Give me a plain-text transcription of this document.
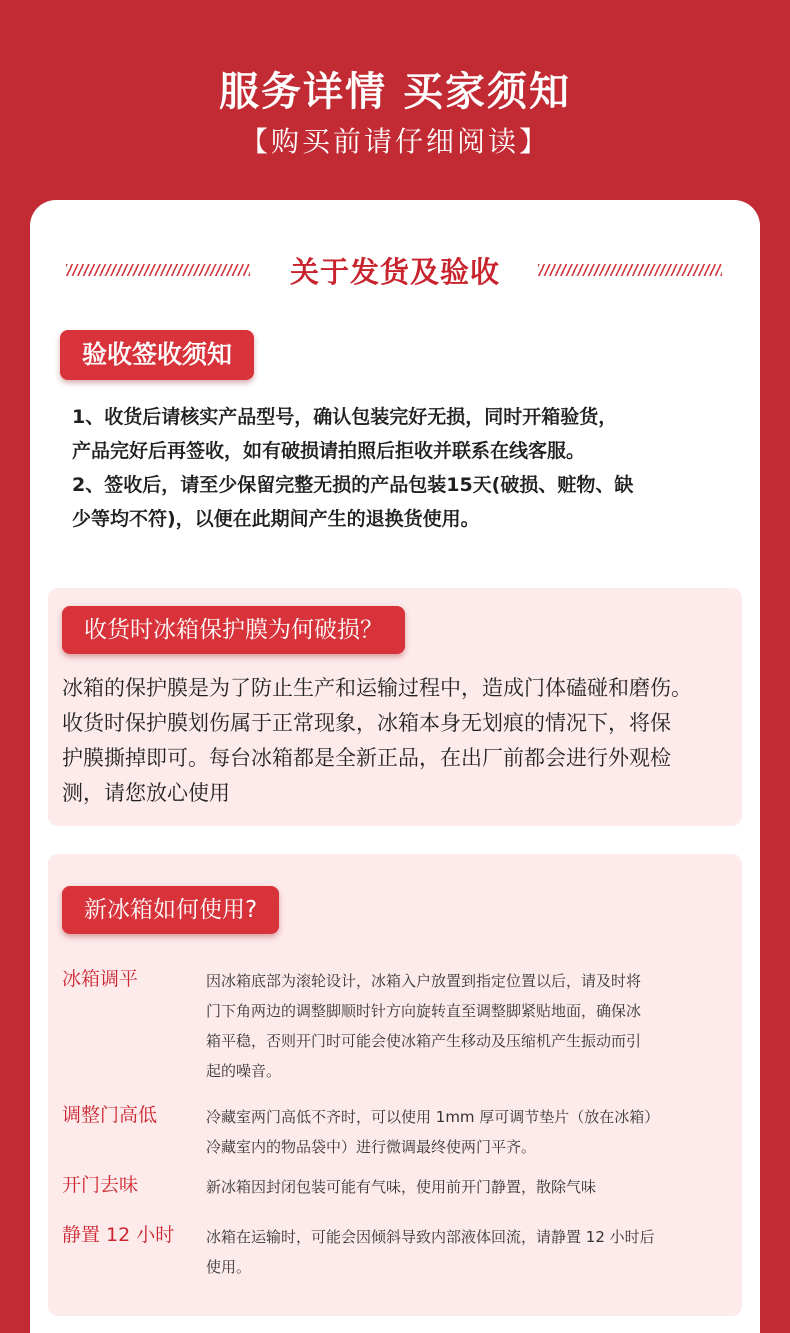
服务详情 买家须知
【购买前请仔细阅读】
关于发货及验收
验收签收须知

1、收货后请核实产品型号，确认包装完好无损，同时开箱验货，

产品完好后再签收，如有破损请拍照后拒收并联系在线客服。

2、签收后，请至少保留完整无损的产品包装15天(破损、赃物、缺

少等均不符)，以便在此期间产生的退换货使用。

收货时冰箱保护膜为何破损？

冰箱的保护膜是为了防止生产和运输过程中，造成门体磕碰和磨伤。

收货时保护膜划伤属于正常现象，冰箱本身无划痕的情况下，将保

护膜撕掉即可。每台冰箱都是全新正品，在出厂前都会进行外观检

测，请您放心使用

新冰箱如何使用?
冰箱调平	因冰箱底部为滚轮设计，冰箱入户放置到指定位置以后，请及时将

门下角两边的调整脚顺时针方向旋转直至调整脚紧贴地面，确保冰

箱平稳，否则开门时可能会使冰箱产生移动及压缩机产生振动而引

起的噪音。

调整门高低	冷藏室两门高低不齐时，可以使用 1mm 厚可调节垫片（放在冰箱）

冷藏室内的物品袋中）进行微调最终使两门平齐。

开门去味	新冰箱因封闭包装可能有气味，使用前开门静置，散除气味

静置 12 小时	冰箱在运输时，可能会因倾斜导致内部液体回流，请静置 12 小时后

使用。
